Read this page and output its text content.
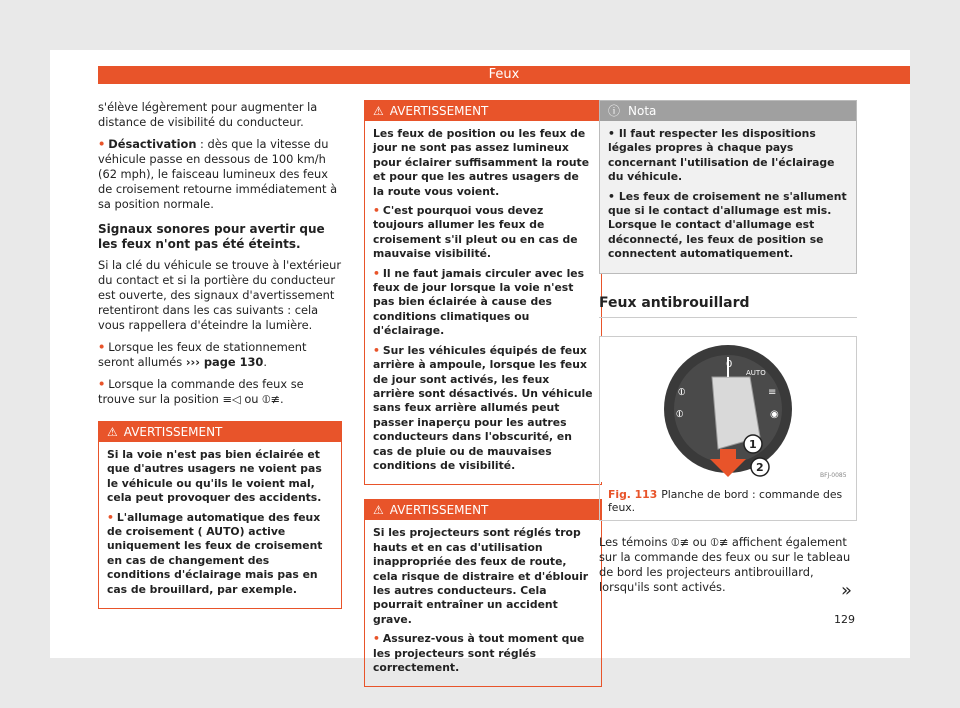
Feux

s'élève légèrement pour augmenter la distance de visibilité du conducteur.

• Désactivation : dès que la vitesse du véhicule passe en dessous de 100 km/h (62 mph), le faisceau lumineux des feux de croisement retourne immédiatement à sa position normale.

Signaux sonores pour avertir que les feux n'ont pas été éteints.

Si la clé du véhicule se trouve à l'extérieur du contact et si la portière du conducteur est ouverte, des signaux d'avertissement retentiront dans les cas suivants : cela vous rappellera d'éteindre la lumière.

• Lorsque les feux de stationnement seront allumés ››› page 130.

• Lorsque la commande des feux se trouve sur la position ≡◁ ou ⦶≢.

⚠ AVERTISSEMENT

Si la voie n'est pas bien éclairée et que d'autres usagers ne voient pas le véhicule ou qu'ils le voient mal, cela peut provoquer des accidents.

• L'allumage automatique des feux de croisement ( AUTO) active uniquement les feux de croisement en cas de changement des conditions d'éclairage mais pas en cas de brouillard, par exemple.

⚠ AVERTISSEMENT

Les feux de position ou les feux de jour ne sont pas assez lumineux pour éclairer suffisamment la route et pour que les autres usagers de la route vous voient.

• C'est pourquoi vous devez toujours allumer les feux de croisement s'il pleut ou en cas de mauvaise visibilité.

• Il ne faut jamais circuler avec les feux de jour lorsque la voie n'est pas bien éclairée à cause des conditions climatiques ou d'éclairage.

• Sur les véhicules équipés de feux arrière à ampoule, lorsque les feux de jour sont activés, les feux arrière sont désactivés. Un véhicule sans feux arrière allumés peut passer inaperçu pour les autres conducteurs dans l'obscurité, en cas de pluie ou de mauvaises conditions de visibilité.

⚠ AVERTISSEMENT

Si les projecteurs sont réglés trop hauts et en cas d'utilisation inappropriée des feux de route, cela risque de distraire et d'éblouir les autres conducteurs. Cela pourrait entraîner un accident grave.

• Assurez-vous à tout moment que les projecteurs sont réglés correctement.

ⓘ Nota

• Il faut respecter les dispositions légales propres à chaque pays concernant l'utilisation de l'éclairage du véhicule.

• Les feux de croisement ne s'allument que si le contact d'allumage est mis. Lorsque le contact d'allumage est déconnecté, les feux de position se connectent automatiquement.

Feux antibrouillard
0
AUTO
⦶
⦶
≡
◉
1
2
BFJ-0085
Fig. 113 Planche de bord : commande des feux.

Les témoins ⦶≢ ou ⦶≢ affichent également sur la commande des feux ou sur le tableau de bord les projecteurs antibrouillard, lorsqu'ils sont activés.	»
129
